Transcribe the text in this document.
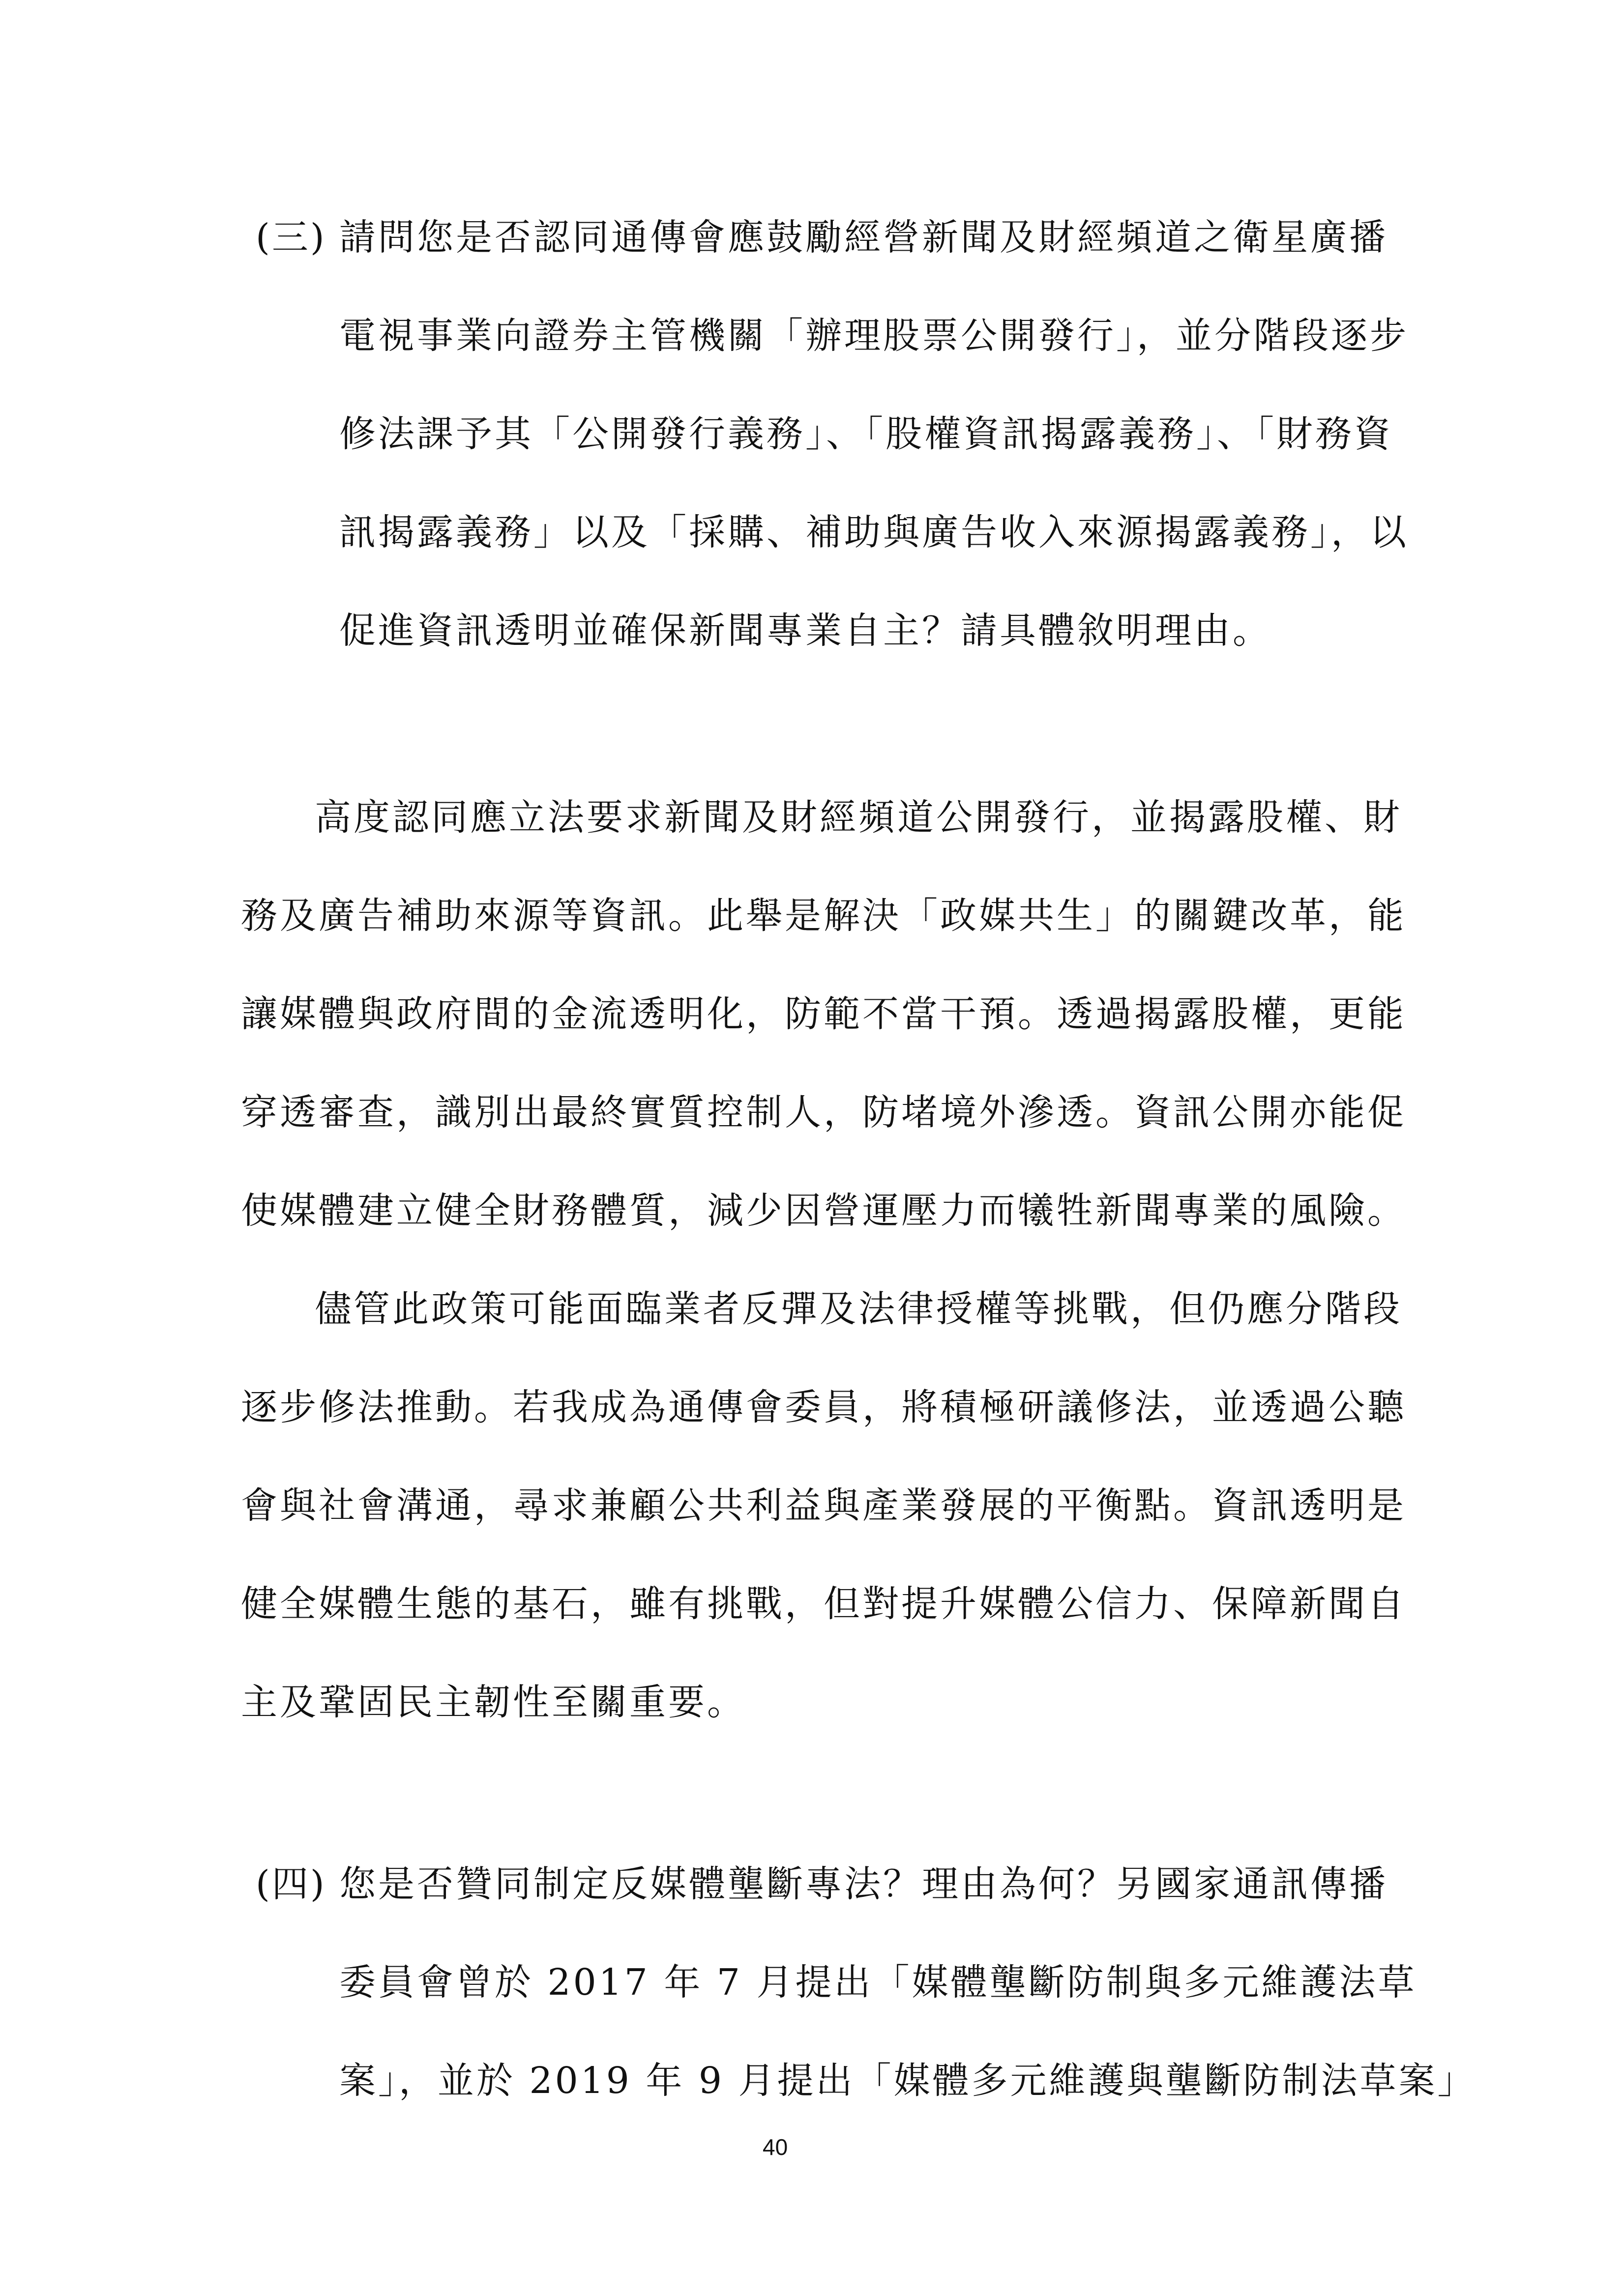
(三) 請問您是否認同通傳會應鼓勵經營新聞及財經頻道之衛星廣播

電視事業向證券主管機關「辦理股票公開發行」，並分階段逐步

修法課予其「公開發行義務」、「股權資訊揭露義務」、「財務資

訊揭露義務」以及「採購、補助與廣告收入來源揭露義務」，以

促進資訊透明並確保新聞專業自主？請具體敘明理由。

高度認同應立法要求新聞及財經頻道公開發行，並揭露股權、財

務及廣告補助來源等資訊。此舉是解決「政媒共生」的關鍵改革，能

讓媒體與政府間的金流透明化，防範不當干預。透過揭露股權，更能

穿透審查，識別出最終實質控制人，防堵境外滲透。資訊公開亦能促

使媒體建立健全財務體質，減少因營運壓力而犧牲新聞專業的風險。

儘管此政策可能面臨業者反彈及法律授權等挑戰，但仍應分階段

逐步修法推動。若我成為通傳會委員，將積極研議修法，並透過公聽

會與社會溝通，尋求兼顧公共利益與產業發展的平衡點。資訊透明是

健全媒體生態的基石，雖有挑戰，但對提升媒體公信力、保障新聞自

主及鞏固民主韌性至關重要。

(四) 您是否贊同制定反媒體壟斷專法？理由為何？另國家通訊傳播

委員會曾於 2017 年 7 月提出「媒體壟斷防制與多元維護法草

案」，並於 2019 年 9 月提出「媒體多元維護與壟斷防制法草案」

40
